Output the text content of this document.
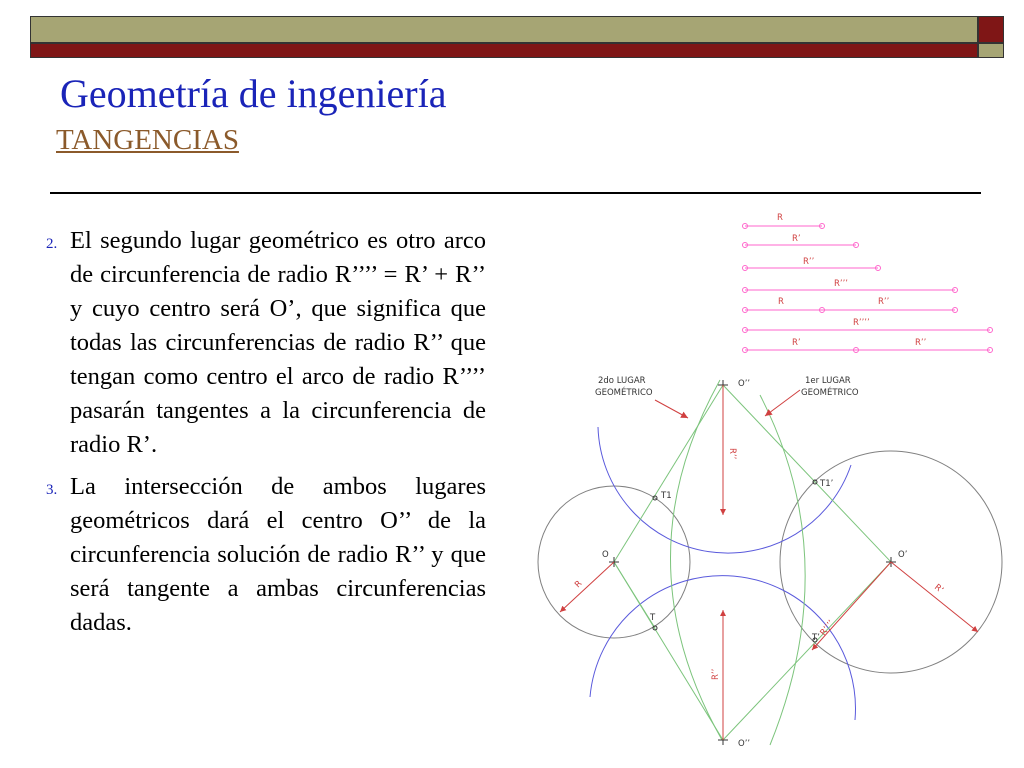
Geometría de ingeniería
TANGENCIAS
2. El segundo lugar geométrico es otro arco de circunferencia de radio R’’’’ = R’ + R’’ y cuyo centro será O’, que significa que todas las circunferencias de radio R’’ que tengan como centro el arco de radio R’’’’ pasarán tangentes a la circunferencia de radio R’.
3. La intersección de ambos lugares geométricos dará el centro O’’ de la circunferencia solución de radio R’’ y que será tangente a ambas circunferencias dadas.
R
R’
R’’
R’’’
R	R’’
R’’’’
R’	R’’
2do LUGAR
GEOMÉTRICO
1er LUGAR
GEOMÉTRICO
O’’
O’’
O	O’
T1
T1’
T
T’
R	R’
R’’
R’’
R’’’’
